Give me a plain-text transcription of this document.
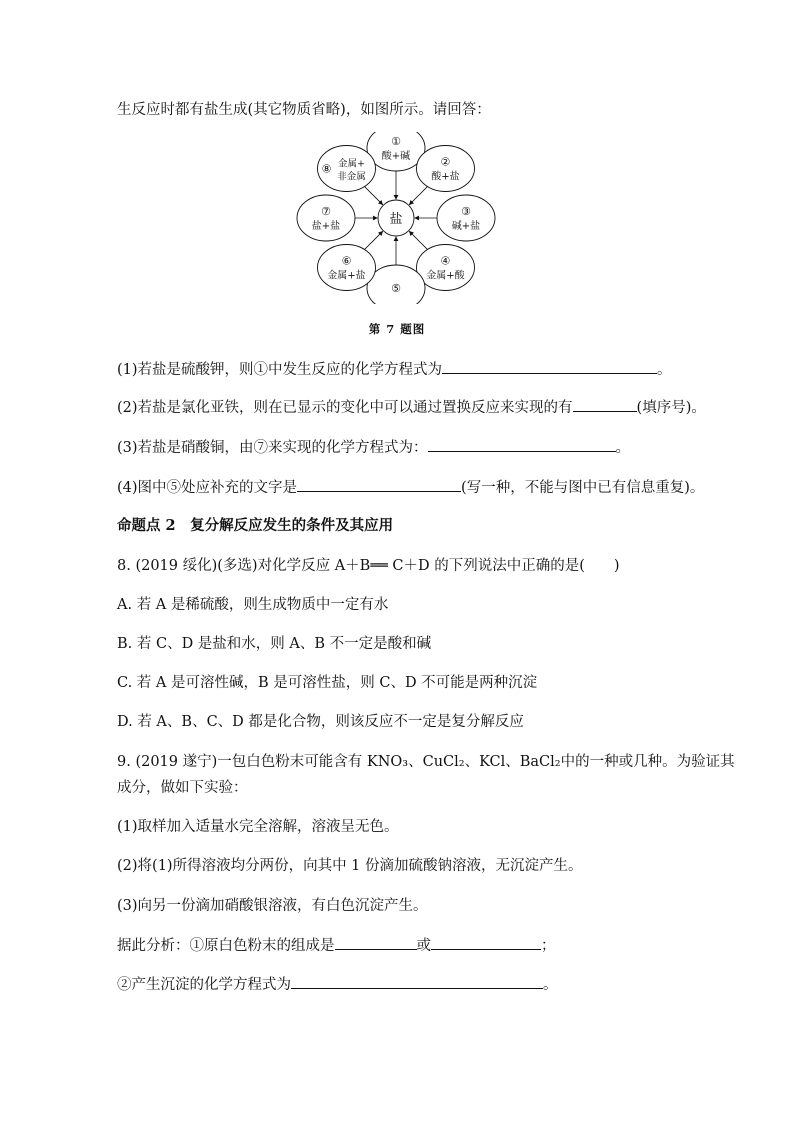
生反应时都有盐生成(其它物质省略)，如图所示。请回答：
①
酸+碱	②
酸+盐
③
碱+盐
④
金属+酸
⑤
⑥
金属+盐
⑦
盐+盐
⑧ 金属+
非金属
盐
第 7 题图
(1)若盐是硫酸钾，则①中发生反应的化学方程式为	。
(2)若盐是氯化亚铁，则在已显示的变化中可以通过置换反应来实现的有	(填序号)。
(3)若盐是硝酸铜，由⑦来实现的化学方程式为：	。
(4)图中⑤处应补充的文字是	(写一种，不能与图中已有信息重复)。
命题点 2　复分解反应发生的条件及其应用
8. (2019 绥化)(多选)对化学反应 A＋B══ C＋D 的下列说法中正确的是(　　)
A. 若 A 是稀硫酸，则生成物质中一定有水
B. 若 C、D 是盐和水，则 A、B 不一定是酸和碱
C. 若 A 是可溶性碱，B 是可溶性盐，则 C、D 不可能是两种沉淀
D. 若 A、B、C、D 都是化合物，则该反应不一定是复分解反应
9. (2019 遂宁)一包白色粉末可能含有 KNO₃、CuCl₂、KCl、BaCl₂中的一种或几种。为验证其
成分，做如下实验：
(1)取样加入适量水完全溶解，溶液呈无色。
(2)将(1)所得溶液均分两份，向其中 1 份滴加硫酸钠溶液，无沉淀产生。
(3)向另一份滴加硝酸银溶液，有白色沉淀产生。
据此分析：①原白色粉末的组成是	或	；
②产生沉淀的化学方程式为	。
